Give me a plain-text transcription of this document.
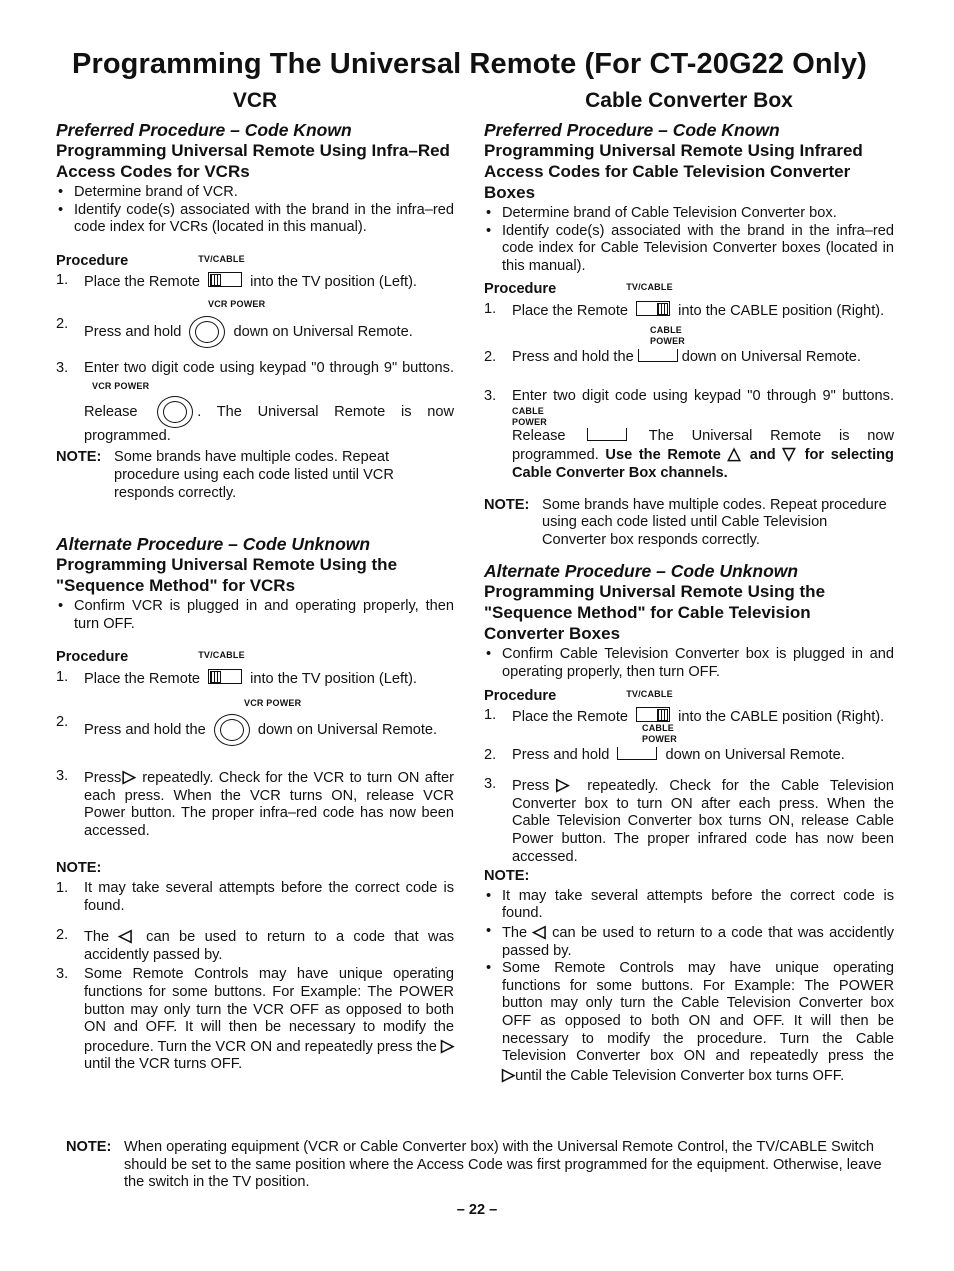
Programming The Universal Remote (For CT-20G22 Only)
VCR
Preferred Procedure – Code Known
Programming Universal Remote Using Infra–Red Access Codes for VCRs
• Determine brand of VCR.
• Identify code(s) associated with the brand in the infra–red code index for VCRs (located in this manual).
Procedure	TV/CABLE
1.	Place the Remote	into the TV position (Left).
VCR POWER
2.	Press and hold	down on Universal Remote.
3.	Enter two digit code using keypad "0 through 9" buttons. VCR POWER
Release	. The Universal Remote is now programmed.
NOTE: Some brands have multiple codes. Repeat procedure using each code listed until VCR responds correctly.
Alternate Procedure – Code Unknown
Programming Universal Remote Using the "Sequence Method" for VCRs
• Confirm VCR is plugged in and operating properly, then turn OFF.
Procedure	TV/CABLE
1.	Place the Remote	into the TV position (Left).
VCR POWER
2.	Press and hold the	down on Universal Remote.
3.	Press▷ repeatedly. Check for the VCR to turn ON after each press. When the VCR turns ON, release VCR Power button. The proper infra–red code has now been accessed.
NOTE:
1.	It may take several attempts before the correct code is found.
2.	The ◁ can be used to return to a code that was accidently passed by.
3.	Some Remote Controls may have unique operating functions for some buttons. For Example: The POWER button may only turn the VCR OFF as opposed to both ON and OFF. It will then be necessary to modify the procedure. Turn the VCR ON and repeatedly press the ▷ until the VCR turns OFF.
Cable Converter Box
Preferred Procedure – Code Known
Programming Universal Remote Using Infrared Access Codes for Cable Television Converter Boxes
• Determine brand of Cable Television Converter box.
• Identify code(s) associated with the brand in the infra–red code index for Cable Television Converter boxes (located in this manual).
Procedure	TV/CABLE
1.	Place the Remote	into the CABLE position (Right).
CABLE POWER
2.	Press and hold the	down on Universal Remote.
3.	Enter two digit code using keypad "0 through 9" buttons. CABLE POWER
Release	The Universal Remote is now programmed. Use the Remote △ and ▽ for selecting Cable Converter Box channels.
NOTE: Some brands have multiple codes. Repeat procedure using each code listed until Cable Television Converter box responds correctly.
Alternate Procedure – Code Unknown
Programming Universal Remote Using the "Sequence Method" for Cable Television Converter Boxes
• Confirm Cable Television Converter box is plugged in and operating properly, then turn OFF.
Procedure	TV/CABLE
1.	Place the Remote	into the CABLE position (Right).
CABLE POWER
2.	Press and hold	down on Universal Remote.
3.	Press▷ repeatedly. Check for the Cable Television Converter box to turn ON after each press. When the Cable Television Converter box turns ON, release Cable Power button. The proper infrared code has now been accessed.
NOTE:
• It may take several attempts before the correct code is found.
• The ◁ can be used to return to a code that was accidently passed by.
• Some Remote Controls may have unique operating functions for some buttons. For Example: The POWER button may only turn the Cable Television Converter box OFF as opposed to both ON and OFF. It will then be necessary to modify the procedure. Turn the Cable Television Converter box ON and repeatedly press the ▷until the Cable Television Converter box turns OFF.
NOTE: When operating equipment (VCR or Cable Converter box) with the Universal Remote Control, the TV/CABLE Switch should be set to the same position where the Access Code was first programmed for the equipment. Otherwise, leave the switch in the TV position.
– 22 –
